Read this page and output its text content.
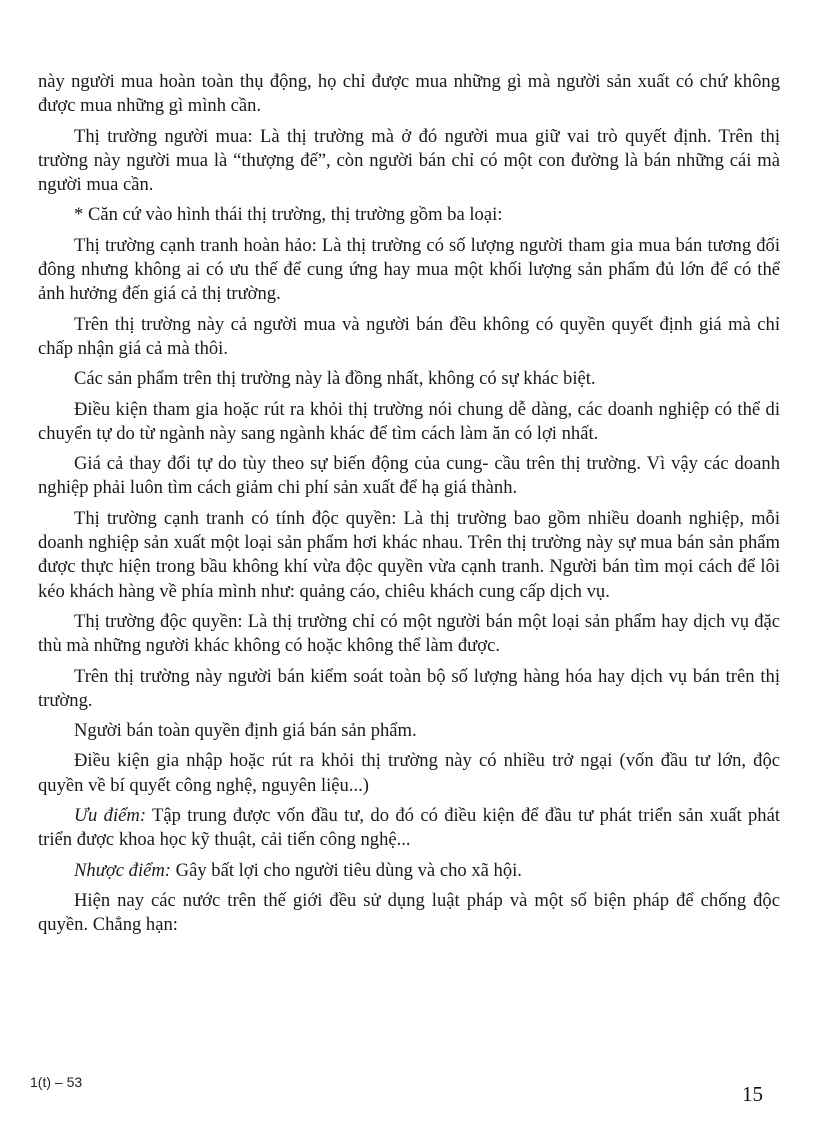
này người mua hoàn toàn thụ động, họ chỉ được mua những gì mà người sản xuất có chứ không được mua những gì mình cần.

Thị trường người mua: Là thị trường mà ở đó người mua giữ vai trò quyết định. Trên thị trường này người mua là “thượng đế”, còn người bán chỉ có một con đường là bán những cái mà người mua cần.

* Căn cứ vào hình thái thị trường, thị trường gồm ba loại:

Thị trường cạnh tranh hoàn hảo: Là thị trường có số lượng người tham gia mua bán tương đối đông nhưng không ai có ưu thế để cung ứng hay mua một khối lượng sản phẩm đủ lớn để có thể ảnh hưởng đến giá cả thị trường.

Trên thị trường này cả người mua và người bán đều không có quyền quyết định giá mà chỉ chấp nhận giá cả mà thôi.

Các sản phẩm trên thị trường này là đồng nhất, không có sự khác biệt.

Điều kiện tham gia hoặc rút ra khỏi thị trường nói chung dễ dàng, các doanh nghiệp có thể di chuyển tự do từ ngành này sang ngành khác để tìm cách làm ăn có lợi nhất.

Giá cả thay đổi tự do tùy theo sự biến động của cung- cầu trên thị trường. Vì vậy các doanh nghiệp phải luôn tìm cách giảm chi phí sản xuất để hạ giá thành.

Thị trường cạnh tranh có tính độc quyền: Là thị trường bao gồm nhiều doanh nghiệp, mỗi doanh nghiệp sản xuất một loại sản phẩm hơi khác nhau. Trên thị trường này sự mua bán sản phẩm được thực hiện trong bầu không khí vừa độc quyền vừa cạnh tranh. Người bán tìm mọi cách để lôi kéo khách hàng về phía mình như: quảng cáo, chiêu khách cung cấp dịch vụ.

Thị trường độc quyền: Là thị trường chỉ có một người bán một loại sản phẩm hay dịch vụ đặc thù mà những người khác không có hoặc không thể làm được.

Trên thị trường này người bán kiểm soát toàn bộ số lượng hàng hóa hay dịch vụ bán trên thị trường.

Người bán toàn quyền định giá bán sản phẩm.

Điều kiện gia nhập hoặc rút ra khỏi thị trường này có nhiều trở ngại (vốn đầu tư lớn, độc quyền về bí quyết công nghệ, nguyên liệu...)

Ưu điểm: Tập trung được vốn đầu tư, do đó có điều kiện để đầu tư phát triển sản xuất phát triển được khoa học kỹ thuật, cải tiến công nghệ...

Nhược điểm: Gây bất lợi cho người tiêu dùng và cho xã hội.

Hiện nay các nước trên thế giới đều sử dụng luật pháp và một số biện pháp để chống độc quyền. Chẳng hạn:

1(t) – 53	15
